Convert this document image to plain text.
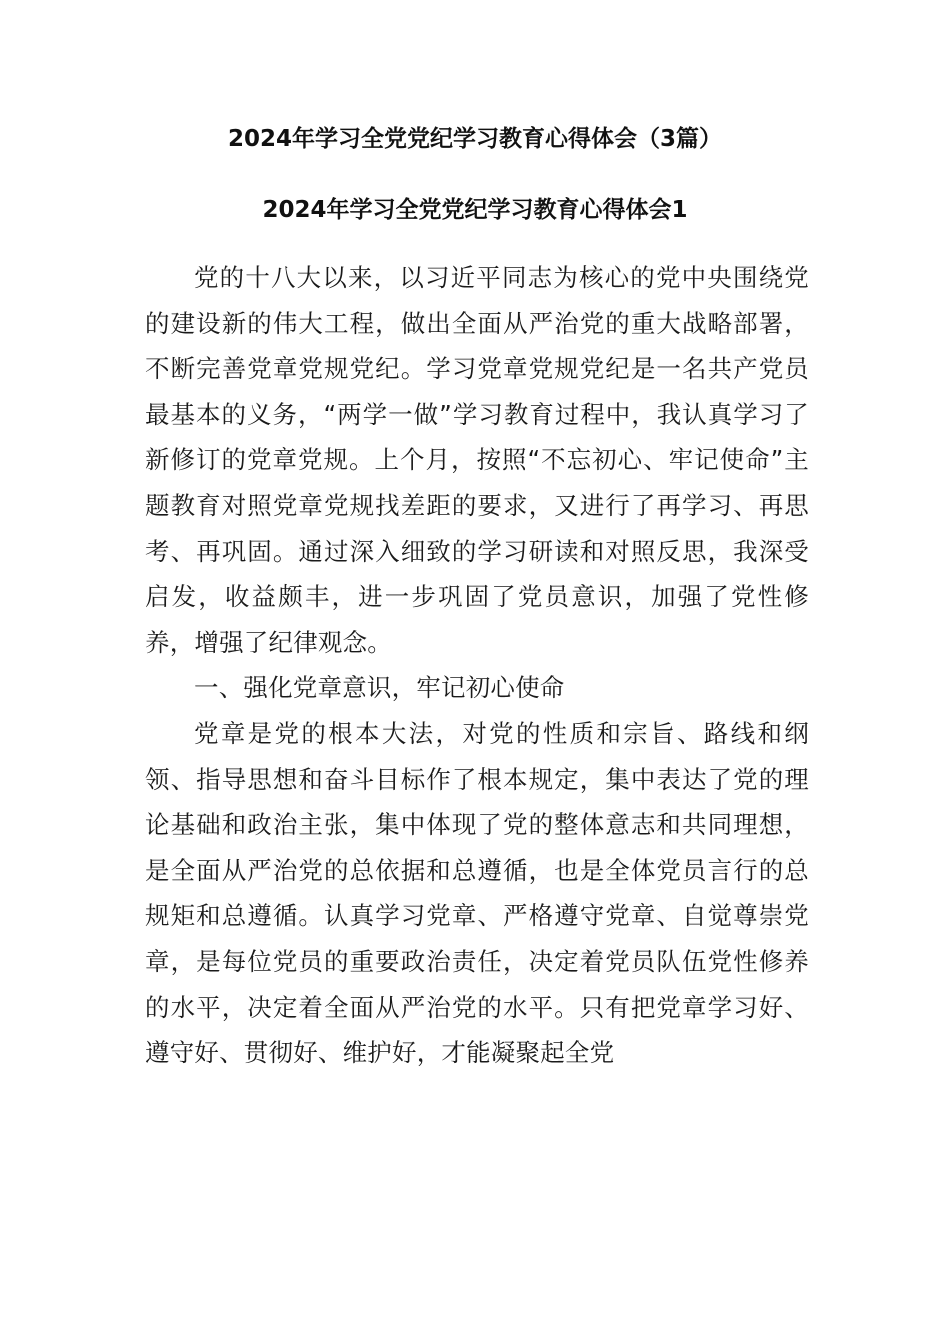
2024年学习全党党纪学习教育心得体会（3篇）
2024年学习全党党纪学习教育心得体会1

党的十八大以来，以习近平同志为核心的党中央围绕党的建设新的伟大工程，做出全面从严治党的重大战略部署，不断完善党章党规党纪。学习党章党规党纪是一名共产党员最基本的义务，“两学一做”学习教育过程中，我认真学习了新修订的党章党规。上个月，按照“不忘初心、牢记使命”主题教育对照党章党规找差距的要求，又进行了再学习、再思考、再巩固。通过深入细致的学习研读和对照反思，我深受启发，收益颇丰，进一步巩固了党员意识，加强了党性修养，增强了纪律观念。

一、强化党章意识，牢记初心使命

党章是党的根本大法，对党的性质和宗旨、路线和纲领、指导思想和奋斗目标作了根本规定，集中表达了党的理论基础和政治主张，集中体现了党的整体意志和共同理想，是全面从严治党的总依据和总遵循，也是全体党员言行的总规矩和总遵循。认真学习党章、严格遵守党章、自觉尊崇党章，是每位党员的重要政治责任，决定着党员队伍党性修养的水平，决定着全面从严治党的水平。只有把党章学习好、遵守好、贯彻好、维护好，才能凝聚起全党
